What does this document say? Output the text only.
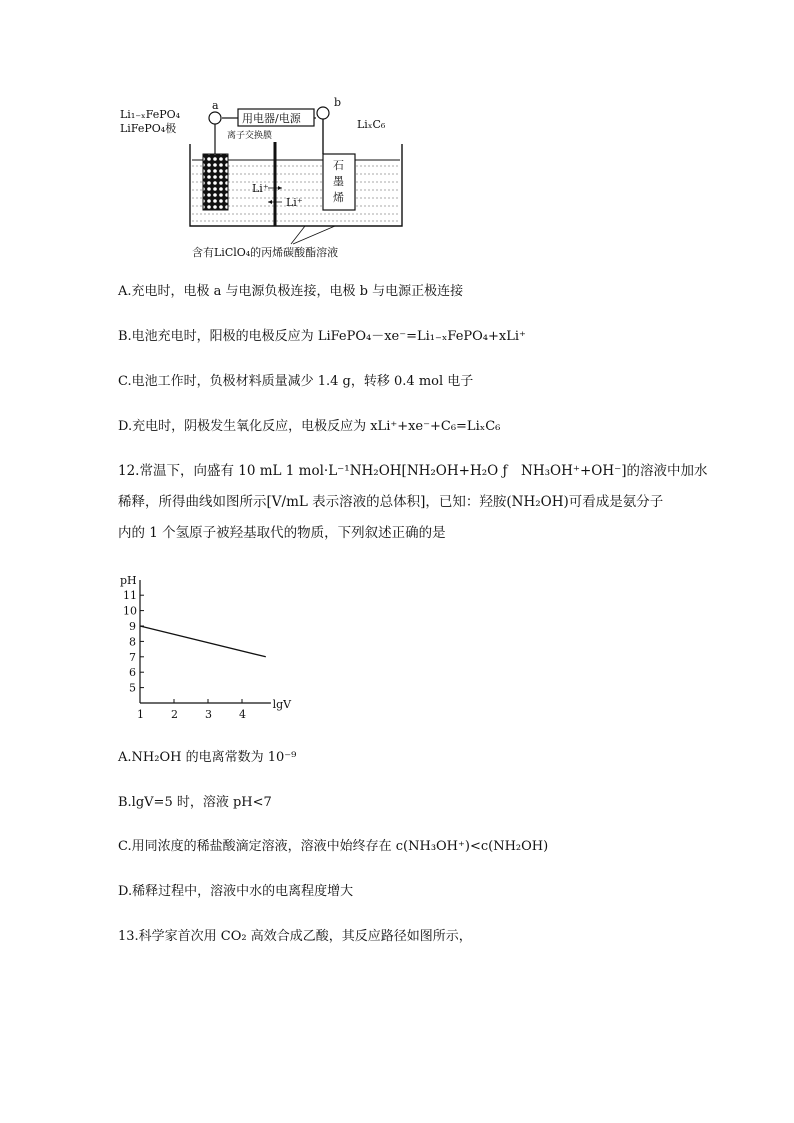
用电器/电源
a	b
Li₁₋ₓFePO₄
LiFePO₄极	LiₓC₆
离子交换膜
石
墨
烯
Li⁺
Li⁺
含有LiClO₄的丙烯碳酸酯溶液
A.充电时，电极 a 与电源负极连接，电极 b 与电源正极连接
B.电池充电时，阳极的电极反应为 LiFePO₄－xe⁻=Li₁₋ₓFePO₄+xLi⁺
C.电池工作时，负极材料质量减少 1.4 g，转移 0.4 mol 电子
D.充电时，阴极发生氧化反应，电极反应为 xLi⁺+xe⁻+C₆=LiₓC₆
12.常温下，向盛有 10 mL 1 mol·L⁻¹NH₂OH[NH₂OH+H₂O ƒ　NH₃OH⁺+OH⁻]的溶液中加水
稀释，所得曲线如图所示[V/mL 表示溶液的总体积]，已知：羟胺(NH₂OH)可看成是氨分子
内的 1 个氢原子被羟基取代的物质，下列叙述正确的是
pH
lgV
5
6
7
8
9
10
11
1 2 3 4
A.NH₂OH 的电离常数为 10⁻⁹
B.lgV=5 时，溶液 pH<7
C.用同浓度的稀盐酸滴定溶液，溶液中始终存在 c(NH₃OH⁺)<c(NH₂OH)
D.稀释过程中，溶液中水的电离程度增大
13.科学家首次用 CO₂ 高效合成乙酸，其反应路径如图所示，
